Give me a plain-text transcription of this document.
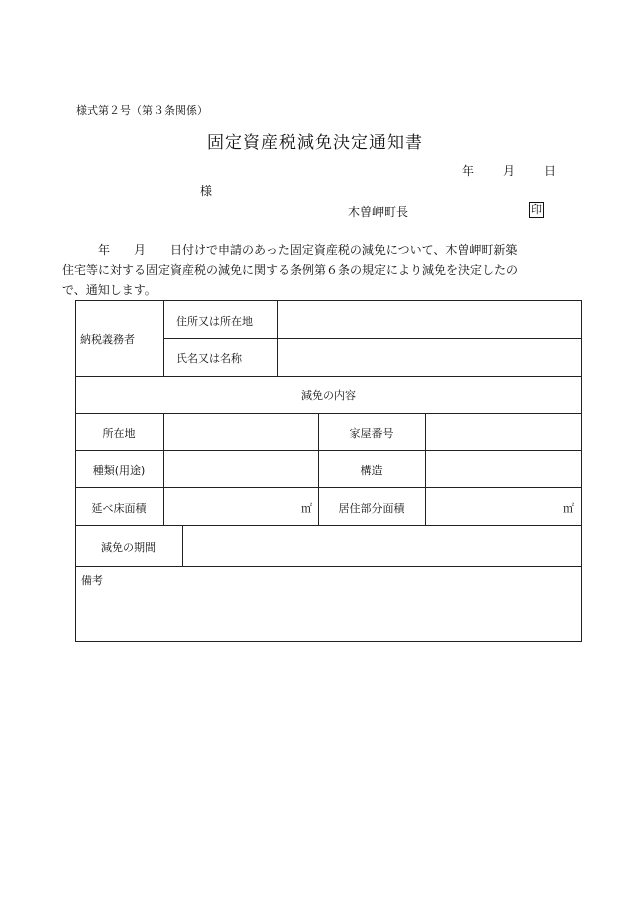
様式第２号（第３条関係）
固定資産税減免決定通知書
年 月 日
様
木曽岬町長	印
　　　年　　月　　日付けで申請のあった固定資産税の減免について、木曽岬町新築
住宅等に対する固定資産税の減免に関する条例第６条の規定により減免を決定したの
で、通知します。
納税義務者
住所又は所在地
氏名又は名称
減免の内容
所在地	家屋番号
種類(用途)	構造
延べ床面積	㎡	居住部分面積	㎡
減免の期間
備考
